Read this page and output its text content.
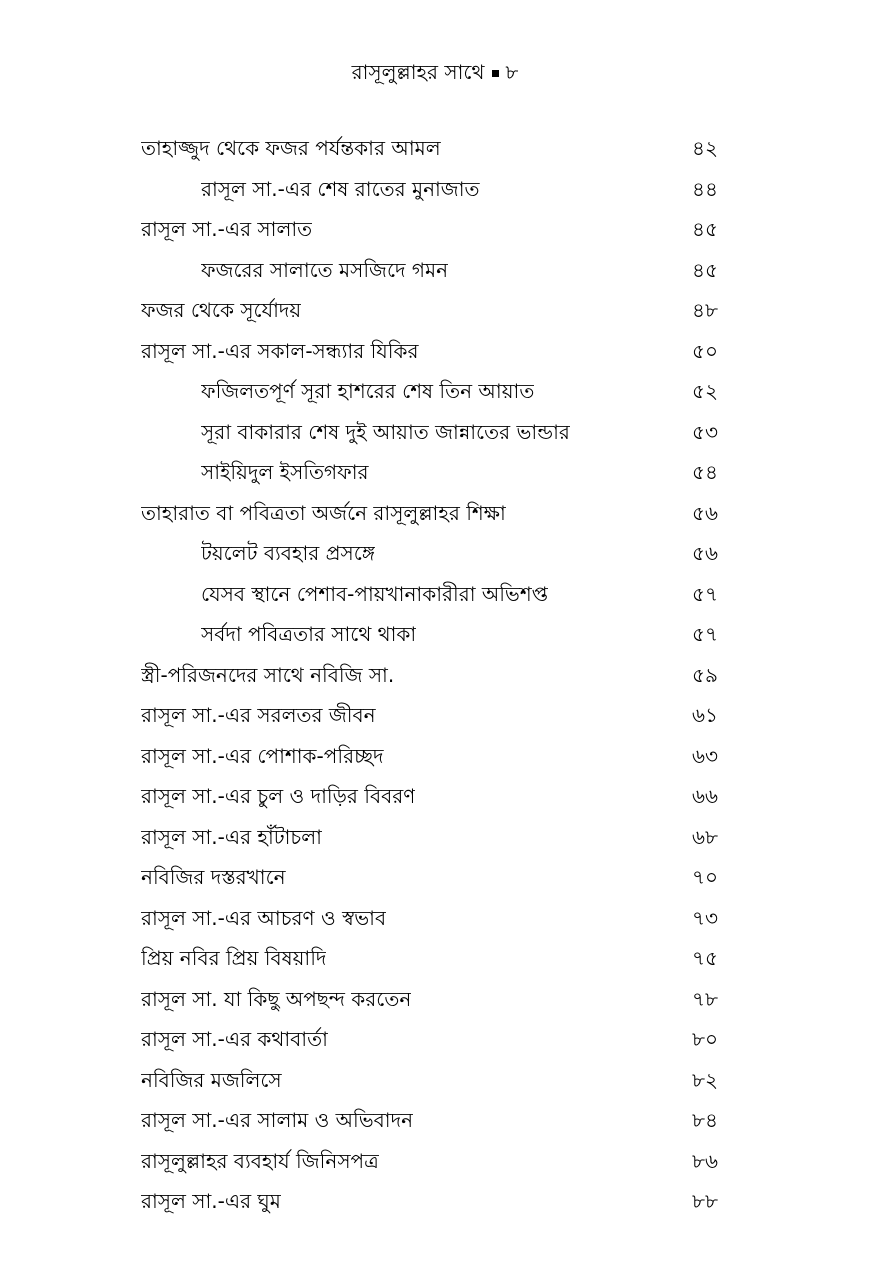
রাসূলুল্লাহর সাথে ৮
তাহাজ্জুদ থেকে ফজর পর্যন্তকার আমল	৪২
রাসূল সা.-এর শেষ রাতের মুনাজাত	৪৪
রাসূল সা.-এর সালাত	৪৫
ফজরের সালাতে মসজিদে গমন	৪৫
ফজর থেকে সূর্যোদয়	৪৮
রাসূল সা.-এর সকাল-সন্ধ্যার যিকির	৫০
ফজিলতপূর্ণ সূরা হাশরের শেষ তিন আয়াত	৫২
সূরা বাকারার শেষ দুই আয়াত জান্নাতের ভান্ডার	৫৩
সাইয়িদুল ইসতিগফার	৫৪
তাহারাত বা পবিত্রতা অর্জনে রাসূলুল্লাহর শিক্ষা	৫৬
টয়লেট ব্যবহার প্রসঙ্গে	৫৬
যেসব স্থানে পেশাব-পায়খানাকারীরা অভিশপ্ত	৫৭
সর্বদা পবিত্রতার সাথে থাকা	৫৭
স্ত্রী-পরিজনদের সাথে নবিজি সা.	৫৯
রাসূল সা.-এর সরলতর জীবন	৬১
রাসূল সা.-এর পোশাক-পরিচ্ছদ	৬৩
রাসূল সা.-এর চুল ও দাড়ির বিবরণ	৬৬
রাসূল সা.-এর হাঁটাচলা	৬৮
নবিজির দস্তরখানে	৭০
রাসূল সা.-এর আচরণ ও স্বভাব	৭৩
প্রিয় নবির প্রিয় বিষয়াদি	৭৫
রাসূল সা. যা কিছু অপছন্দ করতেন	৭৮
রাসূল সা.-এর কথাবার্তা	৮০
নবিজির মজলিসে	৮২
রাসূল সা.-এর সালাম ও অভিবাদন	৮৪
রাসূলুল্লাহর ব্যবহার্য জিনিসপত্র	৮৬
রাসূল সা.-এর ঘুম	৮৮
